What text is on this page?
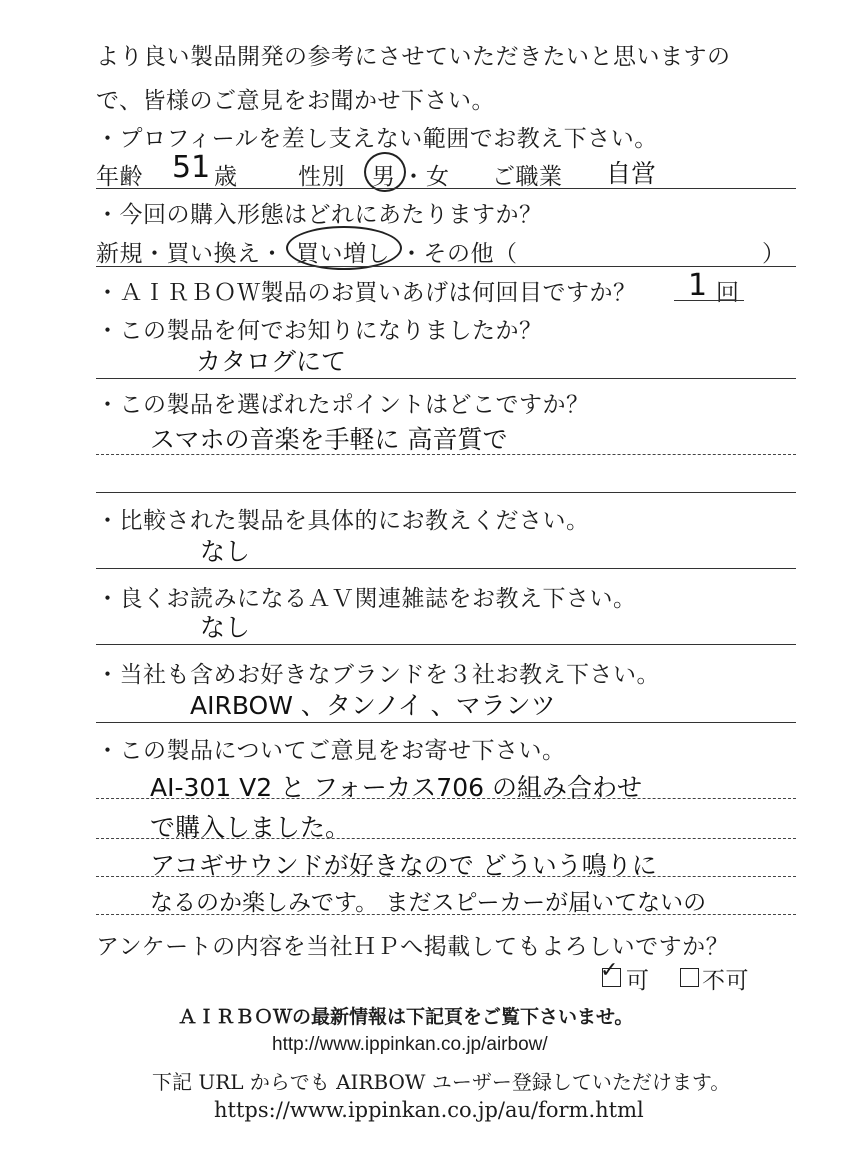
より良い製品開発の参考にさせていただきたいと思いますの
で、皆様のご意見をお聞かせ下さい。
・プロフィールを差し支えない範囲でお教え下さい。
年齢 51 歳	性別 男 ・ 女 ご職業 自営
・今回の購入形態はどれにあたりますか？
新規・買い換え・ 買い増し ・その他（	）
・ＡＩＲＢＯＷ製品のお買いあげは何回目ですか？ 1 回
・この製品を何でお知りになりましたか？
カタログにて
・この製品を選ばれたポイントはどこですか？
スマホの音楽を手軽に 高音質で
・比較された製品を具体的にお教えください。
なし
・良くお読みになるＡＶ関連雑誌をお教え下さい。
なし
・当社も含めお好きなブランドを３社お教え下さい。
AIRBOW 、タンノイ 、マランツ
・この製品についてご意見をお寄せ下さい。
AI-301 V2 と フォーカス706 の組み合わせ
で購入しました。
アコギサウンドが好きなので どういう鳴りに
なるのか楽しみです。 まだスピーカーが届いてないの
アンケートの内容を当社ＨＰへ掲載してもよろしいですか？
✓ 可 不可
ＡＩＲＢＯＷの最新情報は下記頁をご覧下さいませ。
http://www.ippinkan.co.jp/airbow/
下記 URL からでも AIRBOW ユーザー登録していただけます。
https://www.ippinkan.co.jp/au/form.html
